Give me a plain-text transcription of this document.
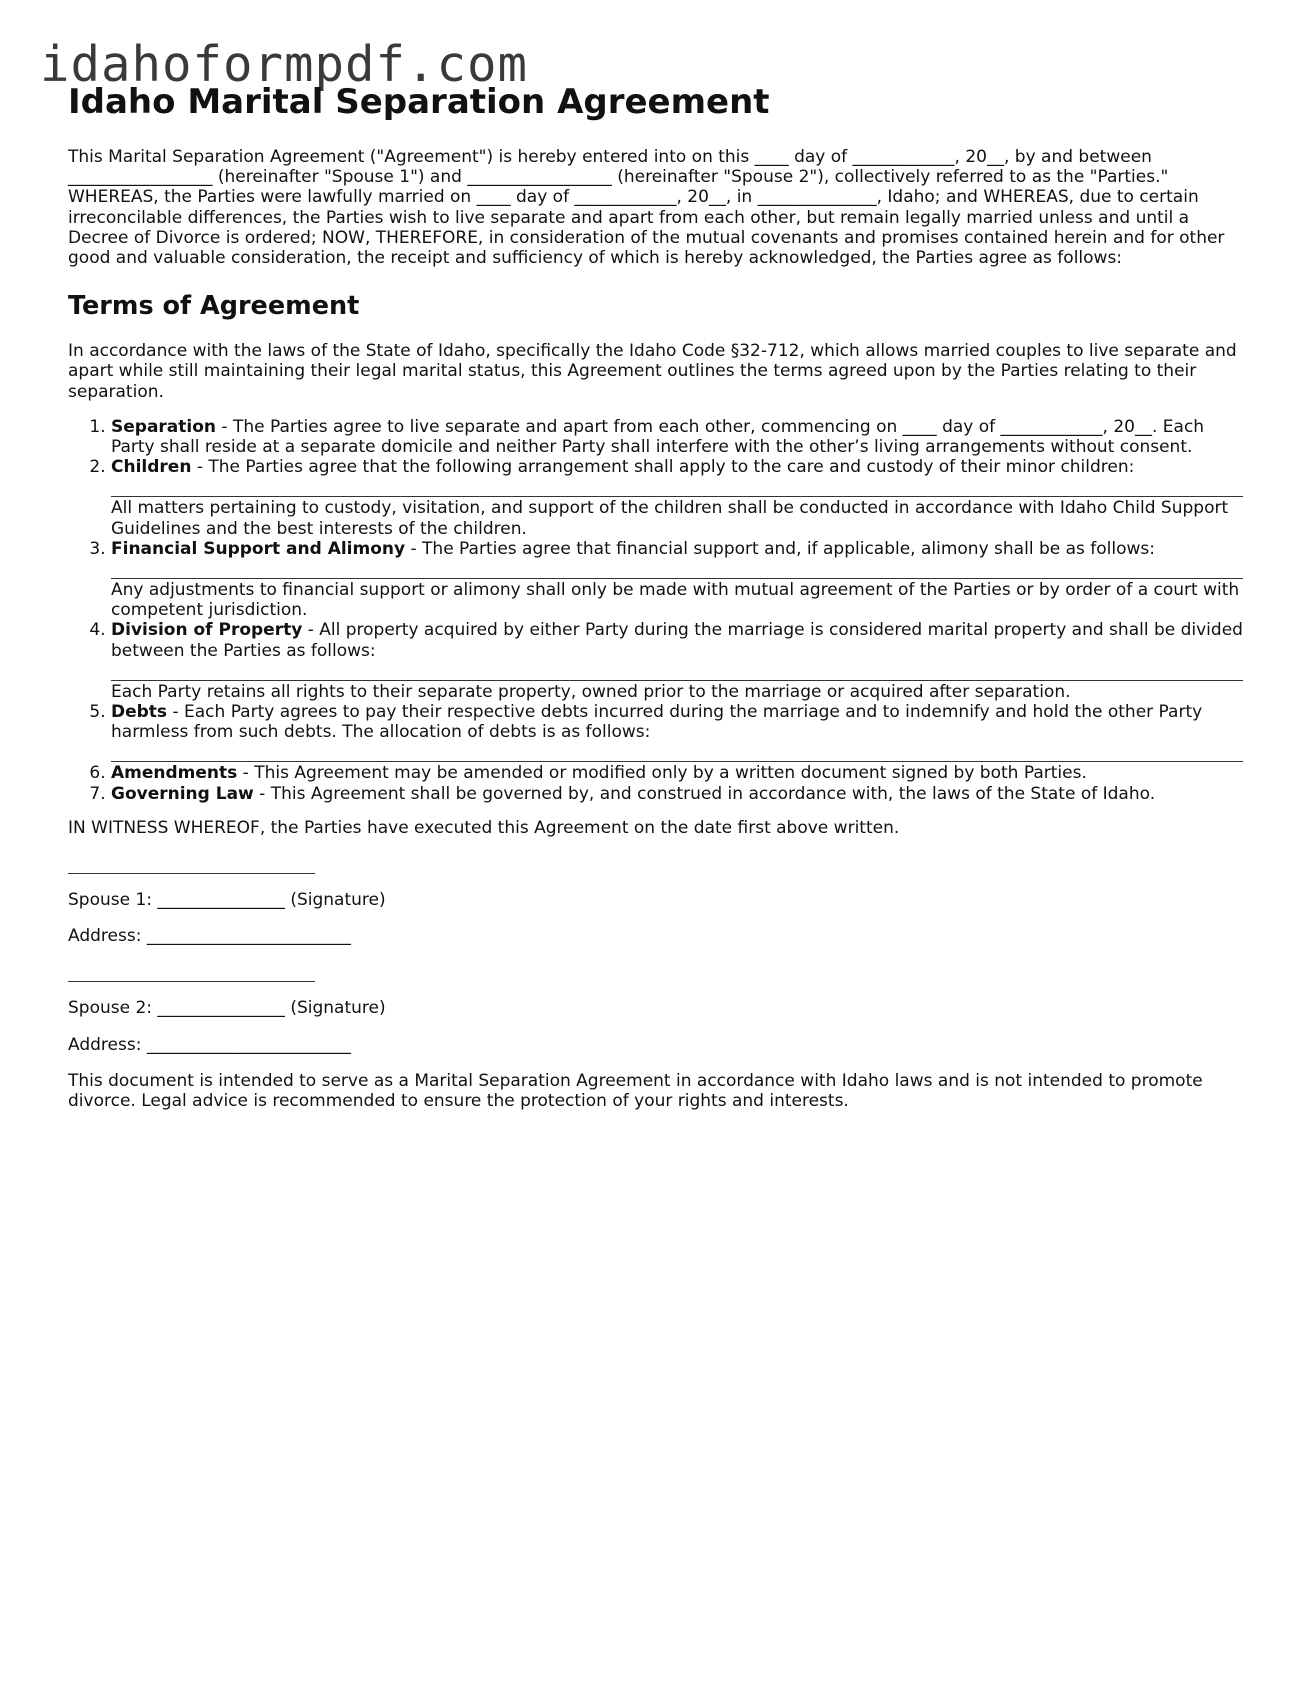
idahoformpdf.com
Idaho Marital Separation Agreement

This Marital Separation Agreement ("Agreement") is hereby entered into on this ____ day of ____________, 20__, by and between _________________ (hereinafter "Spouse 1") and _________________ (hereinafter "Spouse 2"), collectively referred to as the "Parties." WHEREAS, the Parties were lawfully married on ____ day of ____________, 20__, in ______________, Idaho; and WHEREAS, due to certain irreconcilable differences, the Parties wish to live separate and apart from each other, but remain legally married unless and until a Decree of Divorce is ordered; NOW, THEREFORE, in consideration of the mutual covenants and promises contained herein and for other good and valuable consideration, the receipt and sufficiency of which is hereby acknowledged, the Parties agree as follows:

Terms of Agreement

In accordance with the laws of the State of Idaho, specifically the Idaho Code §32-712, which allows married couples to live separate and apart while still maintaining their legal marital status, this Agreement outlines the terms agreed upon by the Parties relating to their separation.

1. Separation - The Parties agree to live separate and apart from each other, commencing on ____ day of ____________, 20__. Each Party shall reside at a separate domicile and neither Party shall interfere with the other’s living arrangements without consent.
2. Children - The Parties agree that the following arrangement shall apply to the care and custody of their minor children:
All matters pertaining to custody, visitation, and support of the children shall be conducted in accordance with Idaho Child Support Guidelines and the best interests of the children.
3. Financial Support and Alimony - The Parties agree that financial support and, if applicable, alimony shall be as follows:
Any adjustments to financial support or alimony shall only be made with mutual agreement of the Parties or by order of a court with competent jurisdiction.
4. Division of Property - All property acquired by either Party during the marriage is considered marital property and shall be divided between the Parties as follows:
Each Party retains all rights to their separate property, owned prior to the marriage or acquired after separation.
5. Debts - Each Party agrees to pay their respective debts incurred during the marriage and to indemnify and hold the other Party harmless from such debts. The allocation of debts is as follows:
6. Amendments - This Agreement may be amended or modified only by a written document signed by both Parties.
7. Governing Law - This Agreement shall be governed by, and construed in accordance with, the laws of the State of Idaho.

IN WITNESS WHEREOF, the Parties have executed this Agreement on the date first above written.

Spouse 1: _______________ (Signature)

Address: ________________________

Spouse 2: _______________ (Signature)

Address: ________________________

This document is intended to serve as a Marital Separation Agreement in accordance with Idaho laws and is not intended to promote divorce. Legal advice is recommended to ensure the protection of your rights and interests.
